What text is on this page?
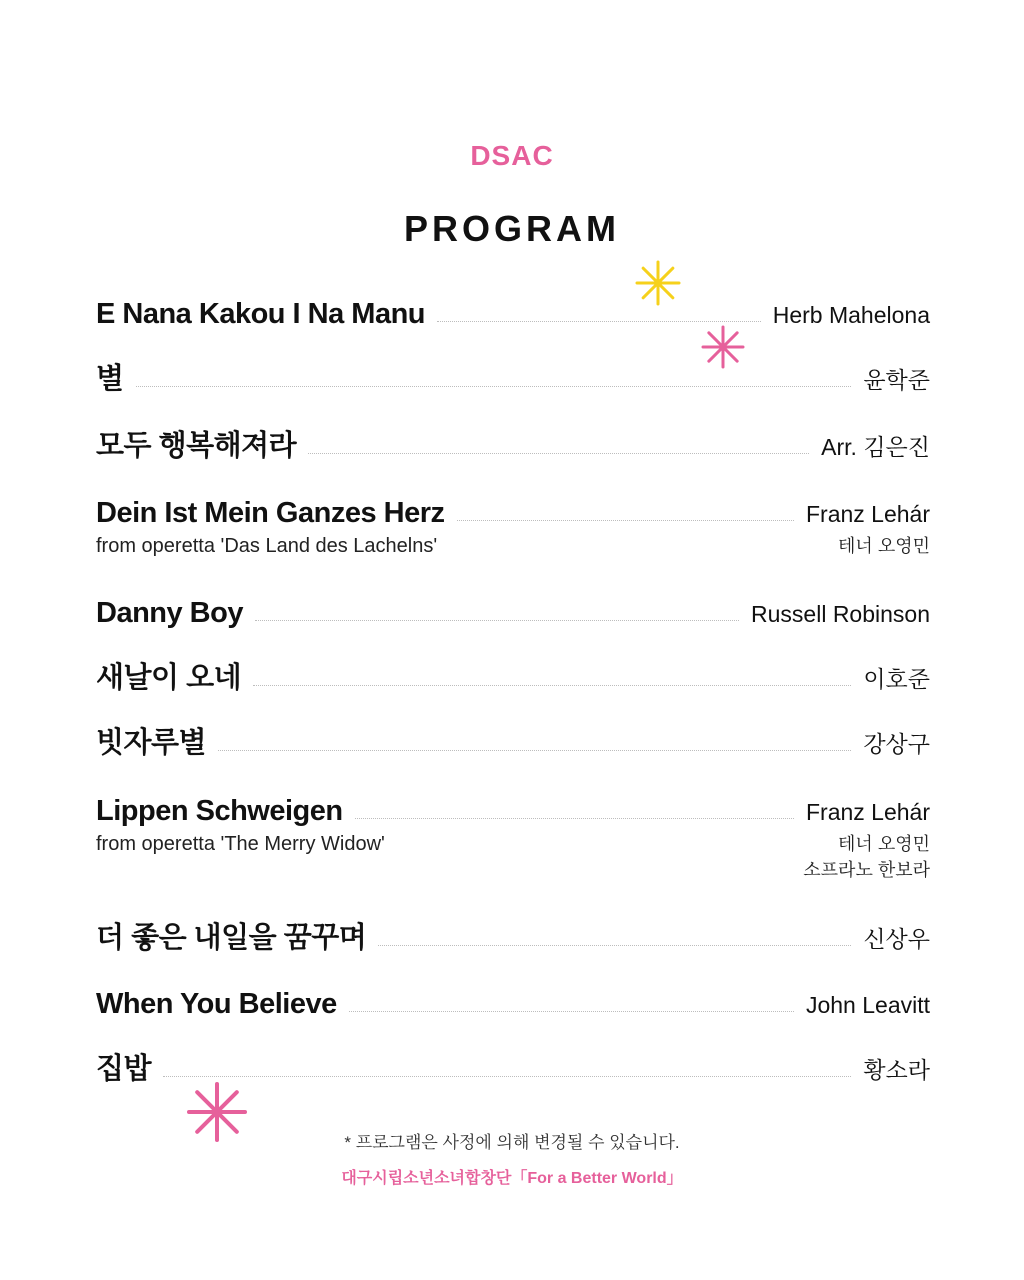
DSAC
PROGRAM
E Nana Kakou I Na Manu	Herb Mahelona
별	윤학준
모두 행복해져라	Arr. 김은진
Dein Ist Mein Ganzes Herz	Franz Lehár
from operetta 'Das Land des Lachelns'	테너 오영민
Danny Boy	Russell Robinson
새날이 오네	이호준
빗자루별	강상구
Lippen Schweigen	Franz Lehár
from operetta 'The Merry Widow'	테너 오영민
소프라노 한보라
더 좋은 내일을 꿈꾸며	신상우
When You Believe	John Leavitt
집밥	황소라
* 프로그램은 사정에 의해 변경될 수 있습니다.
대구시립소년소녀합창단「For a Better World」
